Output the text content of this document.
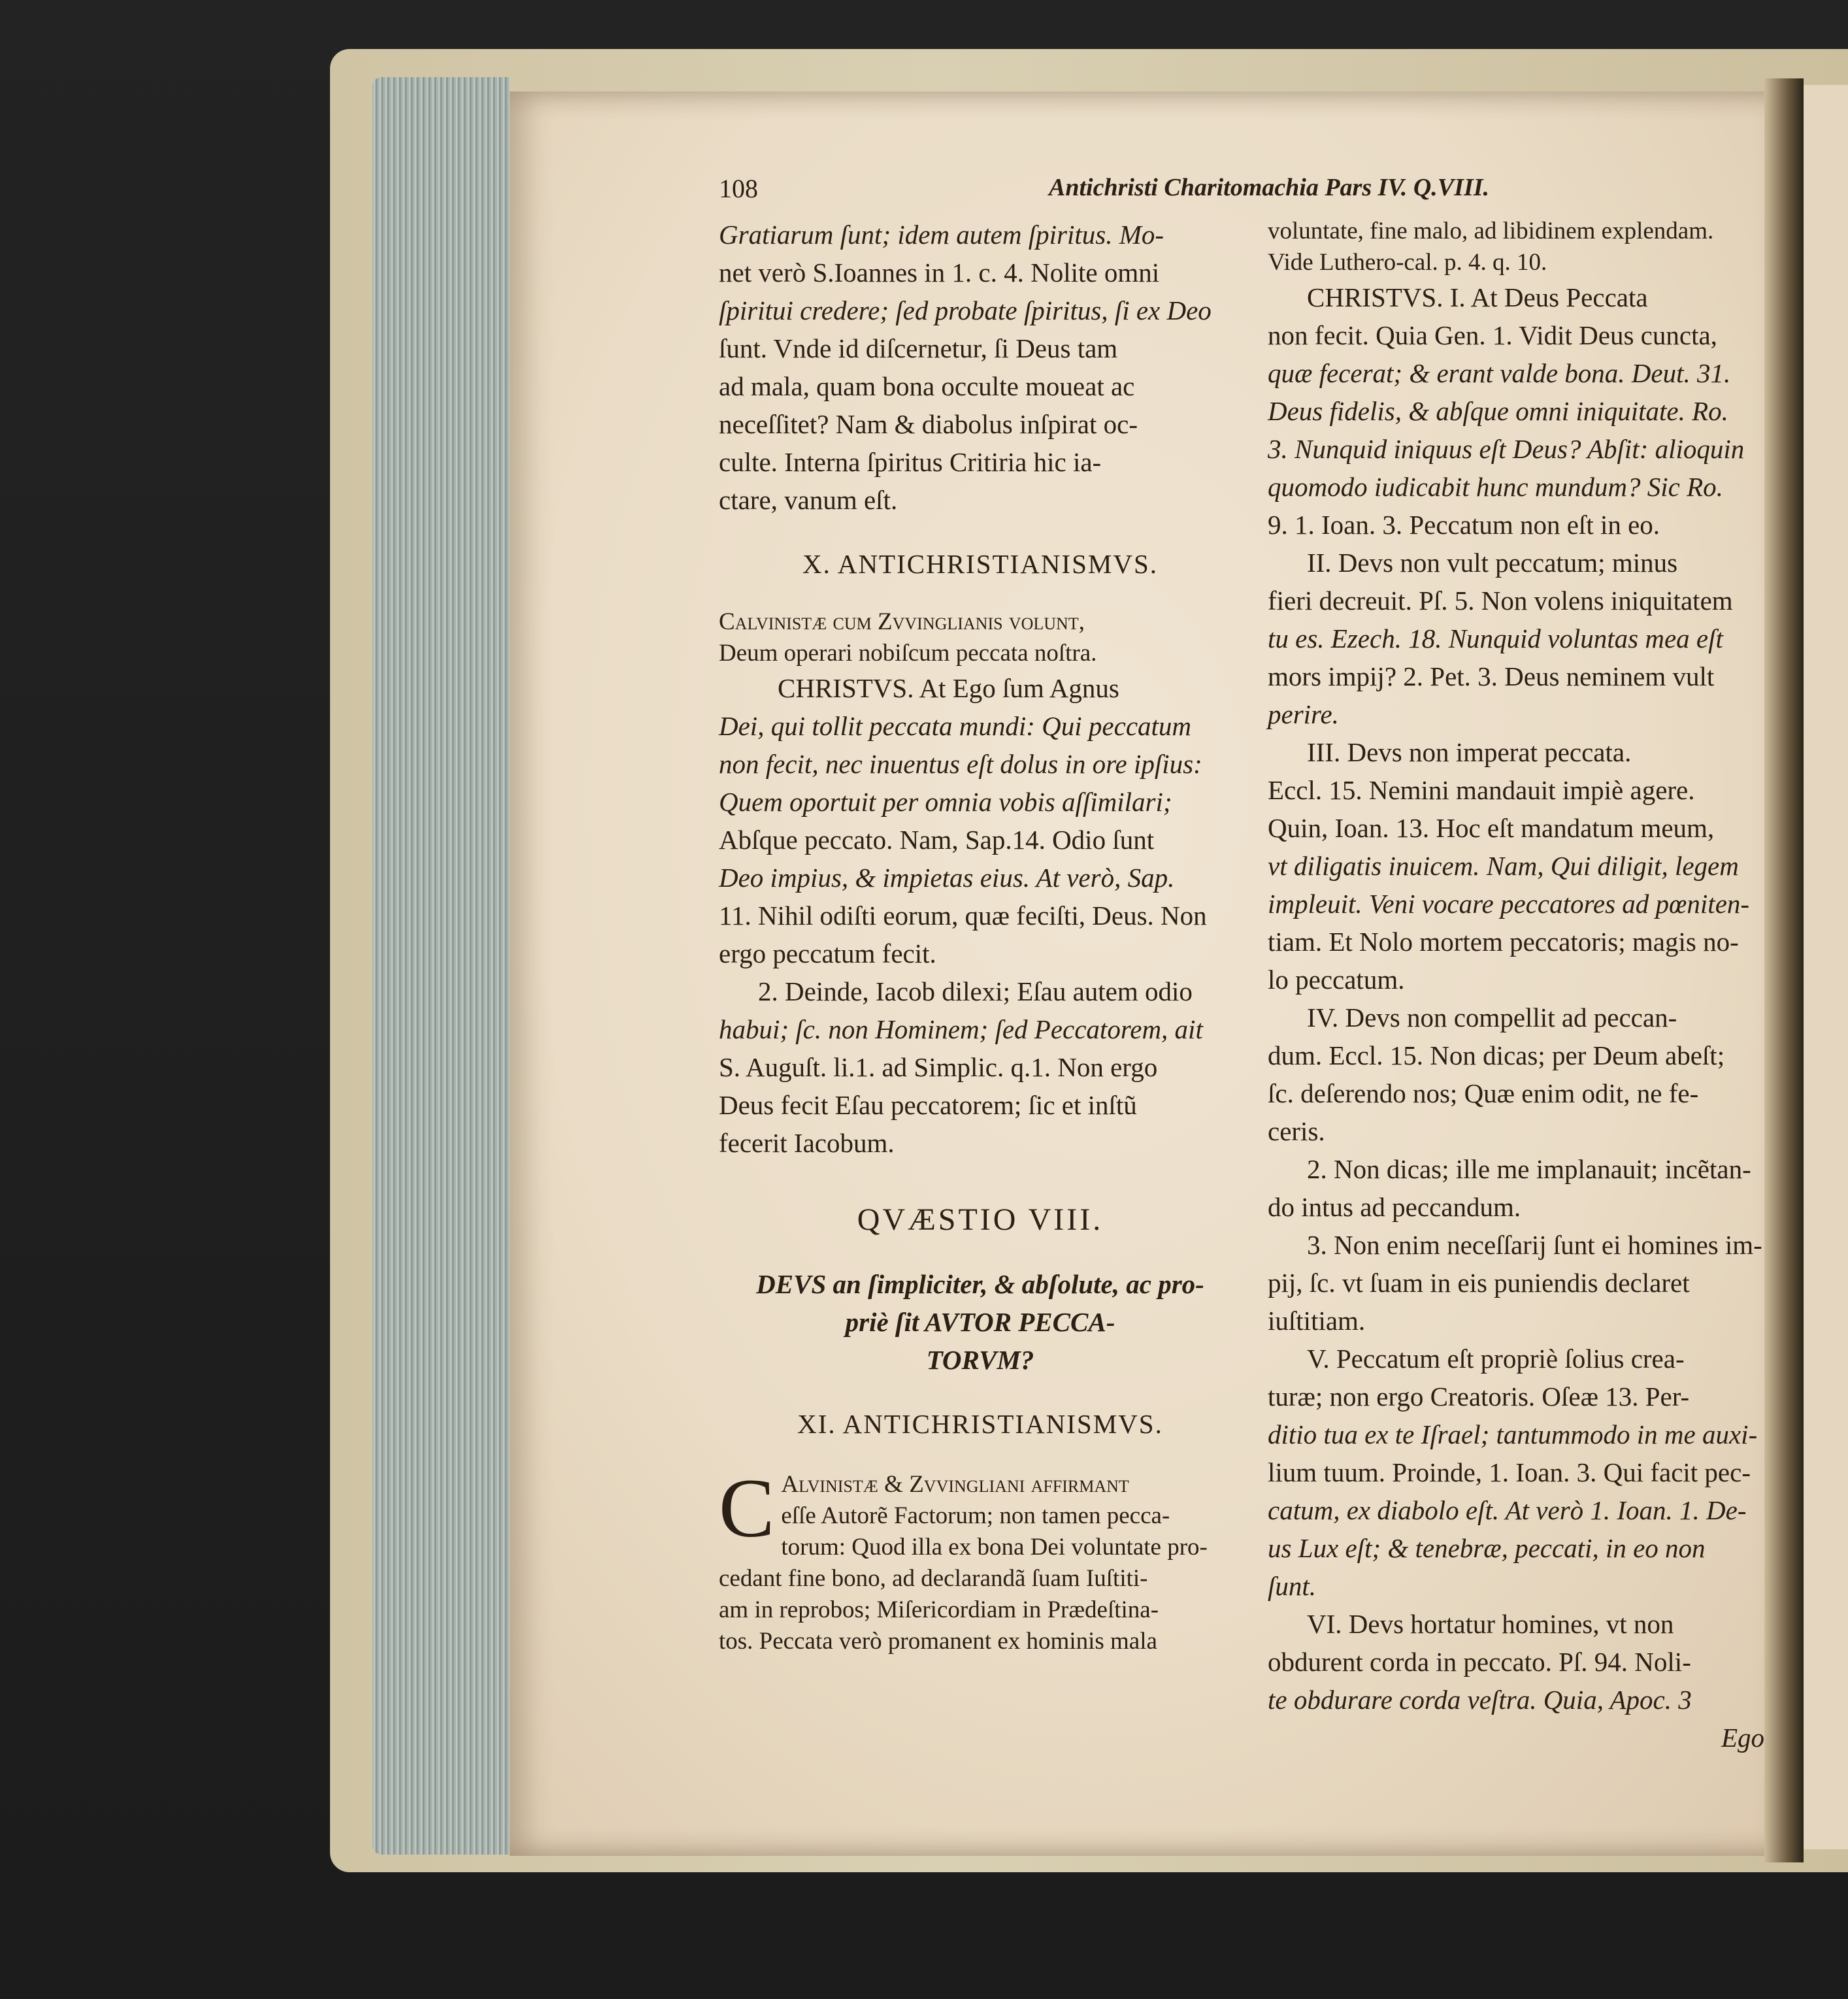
108	Antichristi Charitomachia Pars IV. Q.VIII.
Gratiarum ſunt; idem autem ſpiritus. Mo-
net verò S.Ioannes in 1. c. 4. Nolite omni
ſpiritui credere; ſed probate ſpiritus, ſi ex Deo
ſunt. Vnde id diſcernetur, ſi Deus tam
ad mala, quam bona occulte moueat ac
neceſſitet? Nam & diabolus inſpirat oc-
culte. Interna ſpiritus Critiria hic ia-
ctare, vanum eſt.
X. ANTICHRISTIANISMVS.
Calvinistæ cum Zvvinglianis volunt,
Deum operari nobiſcum peccata noſtra.
CHRISTVS. At Ego ſum Agnus
Dei, qui tollit peccata mundi: Qui peccatum
non fecit, nec inuentus eſt dolus in ore ipſius:
Quem oportuit per omnia vobis aſſimilari;
Abſque peccato. Nam, Sap.14. Odio ſunt
Deo impius, & impietas eius. At verò, Sap.
11. Nihil odiſti eorum, quæ feciſti, Deus. Non
ergo peccatum fecit.
2. Deinde, Iacob dilexi; Eſau autem odio
habui; ſc. non Hominem; ſed Peccatorem, ait
S. Auguſt. li.1. ad Simplic. q.1. Non ergo
Deus fecit Eſau peccatorem; ſic et inſtũ
fecerit Iacobum.
QVÆSTIO VIII.
DEVS an ſimpliciter, & abſolute, ac pro-
priè ſit AVTOR PECCA-
TORVM?
XI. ANTICHRISTIANISMVS.
C Alvinistæ & Zvvingliani affirmant
eſſe Autorẽ Factorum; non tamen pecca-
torum: Quod illa ex bona Dei voluntate pro-
cedant fine bono, ad declarandã ſuam Iuſtiti-
am in reprobos; Miſericordiam in Prædeſtina-
tos. Peccata verò promanent ex hominis mala
voluntate, fine malo, ad libidinem explendam.
Vide Luthero-cal. p. 4. q. 10.
CHRISTVS. I. At Deus Peccata
non fecit. Quia Gen. 1. Vidit Deus cuncta,
quæ fecerat; & erant valde bona. Deut. 31.
Deus fidelis, & abſque omni iniquitate. Ro.
3. Nunquid iniquus eſt Deus? Abſit: alioquin
quomodo iudicabit hunc mundum? Sic Ro.
9. 1. Ioan. 3. Peccatum non eſt in eo.
II. Devs non vult peccatum; minus
fieri decreuit. Pſ. 5. Non volens iniquitatem
tu es. Ezech. 18. Nunquid voluntas mea eſt
mors impij? 2. Pet. 3. Deus neminem vult
perire.
III. Devs non imperat peccata.
Eccl. 15. Nemini mandauit impiè agere.
Quin, Ioan. 13. Hoc eſt mandatum meum,
vt diligatis inuicem. Nam, Qui diligit, legem
impleuit. Veni vocare peccatores ad pœniten-
tiam. Et Nolo mortem peccatoris; magis no-
lo peccatum.
IV. Devs non compellit ad peccan-
dum. Eccl. 15. Non dicas; per Deum abeſt;
ſc. deſerendo nos; Quæ enim odit, ne fe-
ceris.
2. Non dicas; ille me implanauit; incẽtan-
do intus ad peccandum.
3. Non enim neceſſarij ſunt ei homines im-
pij, ſc. vt ſuam in eis puniendis declaret
iuſtitiam.
V. Peccatum eſt propriè ſolius crea-
turæ; non ergo Creatoris. Oſeæ 13. Per-
ditio tua ex te Iſrael; tantummodo in me auxi-
lium tuum. Proinde, 1. Ioan. 3. Qui facit pec-
catum, ex diabolo eſt. At verò 1. Ioan. 1. De-
us Lux eſt; & tenebræ, peccati, in eo non
ſunt.
VI. Devs hortatur homines, vt non
obdurent corda in peccato. Pſ. 94. Noli-
te obdurare corda veſtra. Quia, Apoc. 3
Ego
